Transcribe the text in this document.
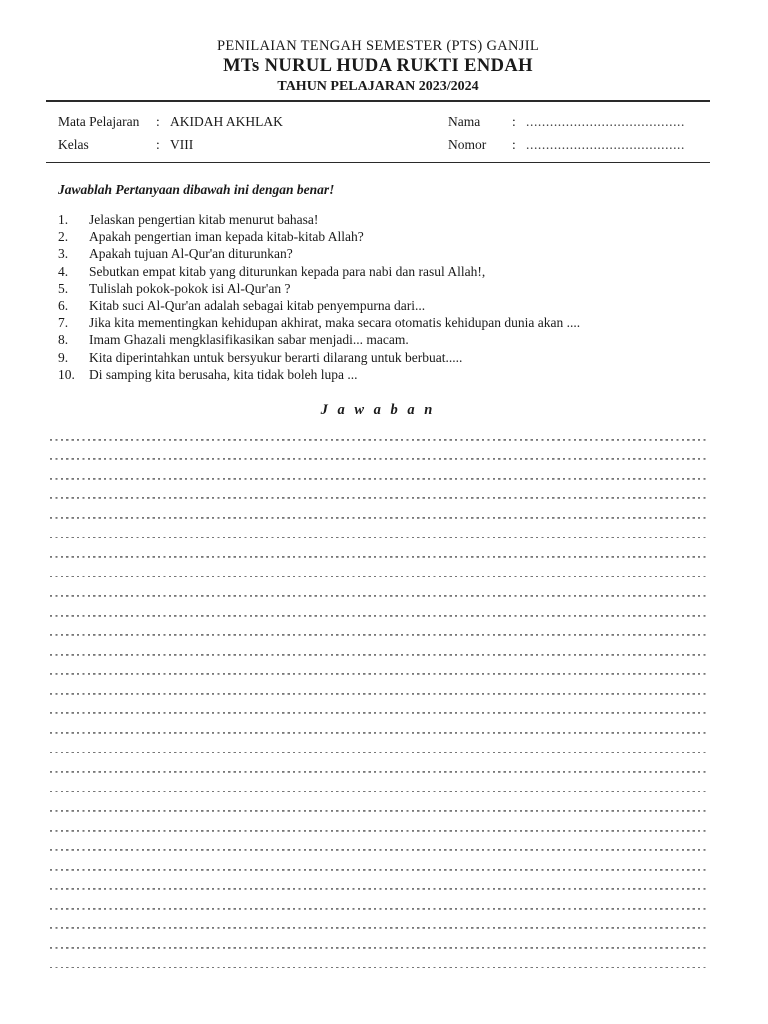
PENILAIAN TENGAH SEMESTER (PTS) GANJIL
MTs NURUL HUDA RUKTI ENDAH
TAHUN PELAJARAN 2023/2024
Mata Pelajaran	: AKIDAH AKHLAK	Nama	: ........................................
Kelas	: VIII	Nomor	: ........................................

Jawablah Pertanyaan dibawah ini dengan benar!

1.	Jelaskan pengertian kitab menurut bahasa!
2.	Apakah pengertian iman kepada kitab-kitab Allah?
3.	Apakah tujuan Al-Qur'an diturunkan?
4.	Sebutkan empat kitab yang diturunkan kepada para nabi dan rasul Allah!,
5.	Tulislah pokok-pokok isi Al-Qur'an ?
6.	Kitab suci Al-Qur'an adalah sebagai kitab penyempurna dari...
7.	Jika kita mementingkan kehidupan akhirat, maka secara otomatis kehidupan dunia akan ....
8.	Imam Ghazali mengklasifikasikan sabar menjadi... macam.
9.	Kita diperintahkan untuk bersyukur berarti dilarang untuk berbuat.....
10.	Di samping kita berusaha, kita tidak boleh lupa ...
J a w a b a n
